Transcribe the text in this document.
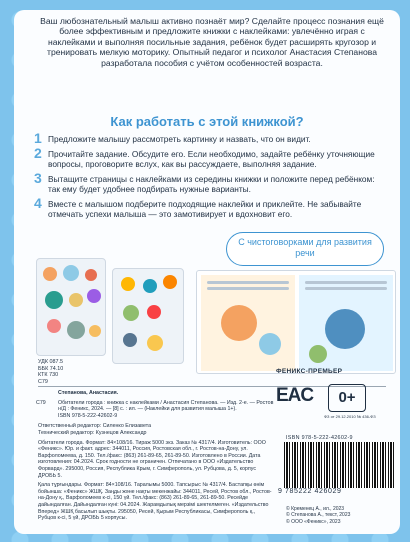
Ваш любознательный малыш активно познаёт мир? Сделайте процесс познания ещё более эффективным и предложите книжки с наклейками: увлечённо играя с наклейками и выполняя посильные задания, ребёнок будет расширять кругозор и тренировать мелкую моторику. Опытный педагог и психолог Анастасия Степанова разработала пособия с учётом особенностей возраста.

Как работать с этой книжкой?
1 Предложите малышу рассмотреть картинку и назвать, что он видит.
2 Прочитайте задание. Обсудите его. Если необходимо, задайте ребёнку уточняющие вопросы, проговорите вслух, как вы рассуждаете, выполняя задание.
3 Вытащите страницы с наклейками из середины книжки и положите перед ребёнком: так ему будет удобнее подбирать нужные варианты.
4 Вместе с малышом подберите подходящие наклейки и приклейте. Не забывайте отмечать успехи малыша — это замотивирует и вдохновит его.
С чистоговорками для развития речи
УДК 087.5
ББК 74.10
КТК 730
С79
ФЕНИКС-ПРЕМЬЕР
Степанова, Анастасия.
С79 Обитатели города : книжка с наклейками / Анастасия Степанова. — Изд. 2-е. — Ростов н/Д : Феникс, 2024. — [8] с. : ил. — (Наклейки для развития малыша 1+).
ISBN 978-5-222-42602-9
Ответственный редактор: Силенко Елизавета
Технический редактор: Кузнецов Александр
Обитатели города. Формат: 84×108/16. Тираж 5000 экз. Заказ № 4317/4. Изготовитель: ООО «Феникс». Юр. и факт. адрес: 344011, Россия, Ростовская обл., г. Ростов-на-Дону, ул. Варфоломеева, д. 150. Тел./факс: (863) 261-89-65, 261-89-50. Изготовлено в России. Дата изготовления: 04.2024. Срок годности не ограничен. Отпечатано в ООО «Издательство Форвард». 295000, Россия, Республика Крым, г. Симферополь, ул. Рубцова, д. 5, корпус ДРОБЬ 5.
Қала тұрғындары. Формат: 84×108/16. Таралымы 5000. Тапсырыс № 4317/4. Бастапқы өнім бойынша: «Феникс» ЖШҚ. Заңды және нақты мекенжайы: 344011, Ресей, Ростов обл., Ростов-на-Дону қ., Варфоломеев к-сі, 150 үй. Тел./факс: (863) 261-89-65, 261-89-50. Ресейде дайындалған. Дайындалған күні: 04.2024. Жарамдылық мерзімі шектелмеген. «Издательство Вперед» ЖШҚ басылып шықты. 295050, Ресей, Қырым Республикасы, Симферополь қ., Рубцов к-сі, 5 үй, ДРОБЬ 5 корпусы.
EAC	0+
ФЗ от 29.12.2010 № 436-ФЗ
ISBN 978-5-222-42602-9
9 785222 426029
© Кременец А., ил., 2023
© Степанова А., текст, 2023
© ООО «Феникс», 2023
